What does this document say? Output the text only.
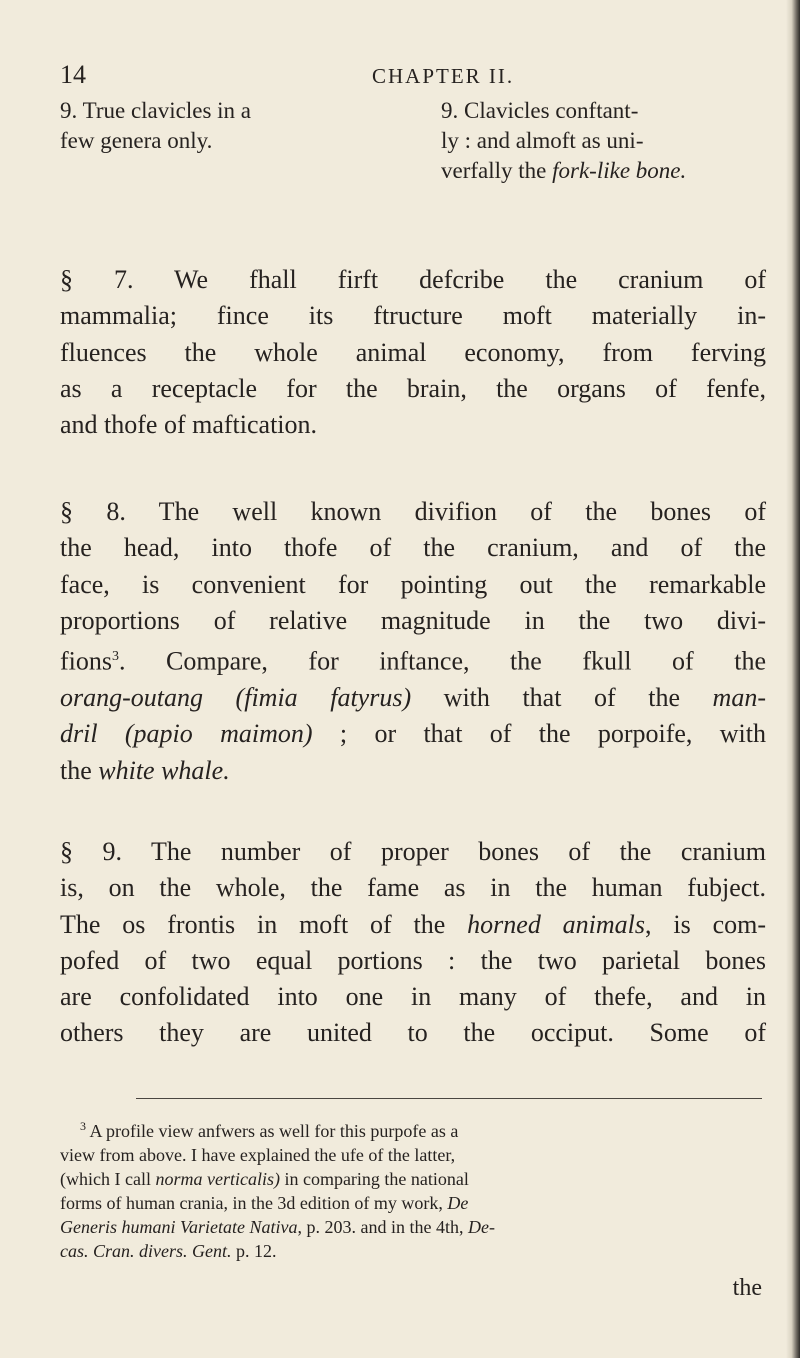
14	CHAPTER II.
9. True clavicles in a
few genera only.
9. Clavicles conftant-
ly : and almoft as uni-
verfally the fork-like bone.
§ 7. We fhall firft defcribe the cranium of
mammalia; fince its ftructure moft materially in-
fluences the whole animal economy, from ferving
as a receptacle for the brain, the organs of fenfe,
and thofe of maftication.
§ 8. The well known divifion of the bones of
the head, into thofe of the cranium, and of the
face, is convenient for pointing out the remarkable
proportions of relative magnitude in the two divi-
fions$^3$. Compare, for inftance, the fkull of the
orang-outang (fimia fatyrus) with that of the man-
dril (papio maimon) ; or that of the porpoife, with
the white whale.
§ 9. The number of proper bones of the cranium
is, on the whole, the fame as in the human fubject.
The os frontis in moft of the horned animals, is com-
pofed of two equal portions : the two parietal bones
are confolidated into one in many of thefe, and in
others they are united to the occiput. Some of
$^3$ A profile view anfwers as well for this purpofe as a
view from above. I have explained the ufe of the latter,
(which I call norma verticalis) in comparing the national
forms of human crania, in the 3d edition of my work, De
Generis humani Varietate Nativa, p. 203. and in the 4th, De-
cas. Cran. divers. Gent. p. 12.
the
